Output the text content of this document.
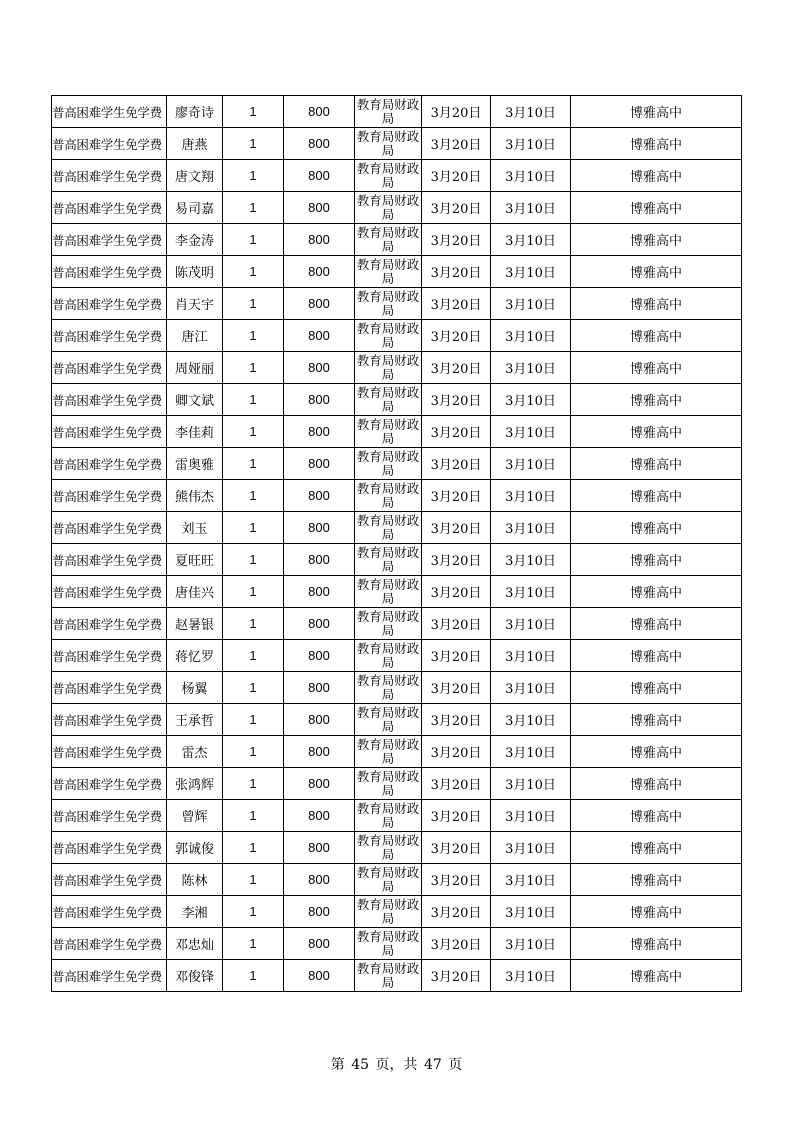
普高困难学生免学费	廖奇诗	1	800	教育局财政局	3月20日	3月10日	博雅高中
普高困难学生免学费	唐燕	1	800	教育局财政局	3月20日	3月10日	博雅高中
普高困难学生免学费	唐文翔	1	800	教育局财政局	3月20日	3月10日	博雅高中
普高困难学生免学费	易司嘉	1	800	教育局财政局	3月20日	3月10日	博雅高中
普高困难学生免学费	李金涛	1	800	教育局财政局	3月20日	3月10日	博雅高中
普高困难学生免学费	陈茂明	1	800	教育局财政局	3月20日	3月10日	博雅高中
普高困难学生免学费	肖天宇	1	800	教育局财政局	3月20日	3月10日	博雅高中
普高困难学生免学费	唐江	1	800	教育局财政局	3月20日	3月10日	博雅高中
普高困难学生免学费	周娅丽	1	800	教育局财政局	3月20日	3月10日	博雅高中
普高困难学生免学费	卿文斌	1	800	教育局财政局	3月20日	3月10日	博雅高中
普高困难学生免学费	李佳莉	1	800	教育局财政局	3月20日	3月10日	博雅高中
普高困难学生免学费	雷奥雅	1	800	教育局财政局	3月20日	3月10日	博雅高中
普高困难学生免学费	熊伟杰	1	800	教育局财政局	3月20日	3月10日	博雅高中
普高困难学生免学费	刘玉	1	800	教育局财政局	3月20日	3月10日	博雅高中
普高困难学生免学费	夏旺旺	1	800	教育局财政局	3月20日	3月10日	博雅高中
普高困难学生免学费	唐佳兴	1	800	教育局财政局	3月20日	3月10日	博雅高中
普高困难学生免学费	赵暑银	1	800	教育局财政局	3月20日	3月10日	博雅高中
普高困难学生免学费	蒋忆罗	1	800	教育局财政局	3月20日	3月10日	博雅高中
普高困难学生免学费	杨翼	1	800	教育局财政局	3月20日	3月10日	博雅高中
普高困难学生免学费	王承哲	1	800	教育局财政局	3月20日	3月10日	博雅高中
普高困难学生免学费	雷杰	1	800	教育局财政局	3月20日	3月10日	博雅高中
普高困难学生免学费	张鸿辉	1	800	教育局财政局	3月20日	3月10日	博雅高中
普高困难学生免学费	曾辉	1	800	教育局财政局	3月20日	3月10日	博雅高中
普高困难学生免学费	郭诚俊	1	800	教育局财政局	3月20日	3月10日	博雅高中
普高困难学生免学费	陈林	1	800	教育局财政局	3月20日	3月10日	博雅高中
普高困难学生免学费	李湘	1	800	教育局财政局	3月20日	3月10日	博雅高中
普高困难学生免学费	邓忠灿	1	800	教育局财政局	3月20日	3月10日	博雅高中
普高困难学生免学费	邓俊锋	1	800	教育局财政局	3月20日	3月10日	博雅高中
第 45 页，共 47 页
